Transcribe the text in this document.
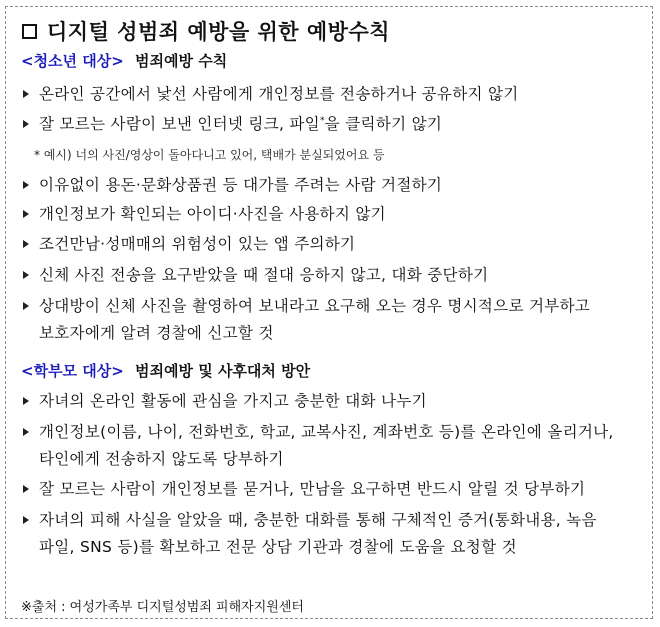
디지털 성범죄 예방을 위한 예방수칙
<청소년 대상> 범죄예방 수칙
온라인 공간에서 낯선 사람에게 개인정보를 전송하거나 공유하지 않기
잘 모르는 사람이 보낸 인터넷 링크, 파일*을 클릭하기 않기
* 예시) 너의 사진/영상이 돌아다니고 있어, 택배가 분실되었어요 등
이유없이 용돈·문화상품권 등 대가를 주려는 사람 거절하기
개인정보가 확인되는 아이디·사진을 사용하지 않기
조건만남·성매매의 위험성이 있는 앱 주의하기
신체 사진 전송을 요구받았을 때 절대 응하지 않고, 대화 중단하기
상대방이 신체 사진을 촬영하여 보내라고 요구해 오는 경우 명시적으로 거부하고
보호자에게 알려 경찰에 신고할 것
<학부모 대상> 범죄예방 및 사후대처 방안
자녀의 온라인 활동에 관심을 가지고 충분한 대화 나누기
개인정보(이름, 나이, 전화번호, 학교, 교복사진, 계좌번호 등)를 온라인에 올리거나,
타인에게 전송하지 않도록 당부하기
잘 모르는 사람이 개인정보를 묻거나, 만남을 요구하면 반드시 알릴 것 당부하기
자녀의 피해 사실을 알았을 때, 충분한 대화를 통해 구체적인 증거(통화내용, 녹음
파일, SNS 등)를 확보하고 전문 상담 기관과 경찰에 도움을 요청할 것
※출처 : 여성가족부 디지털성범죄 피해자지원센터
